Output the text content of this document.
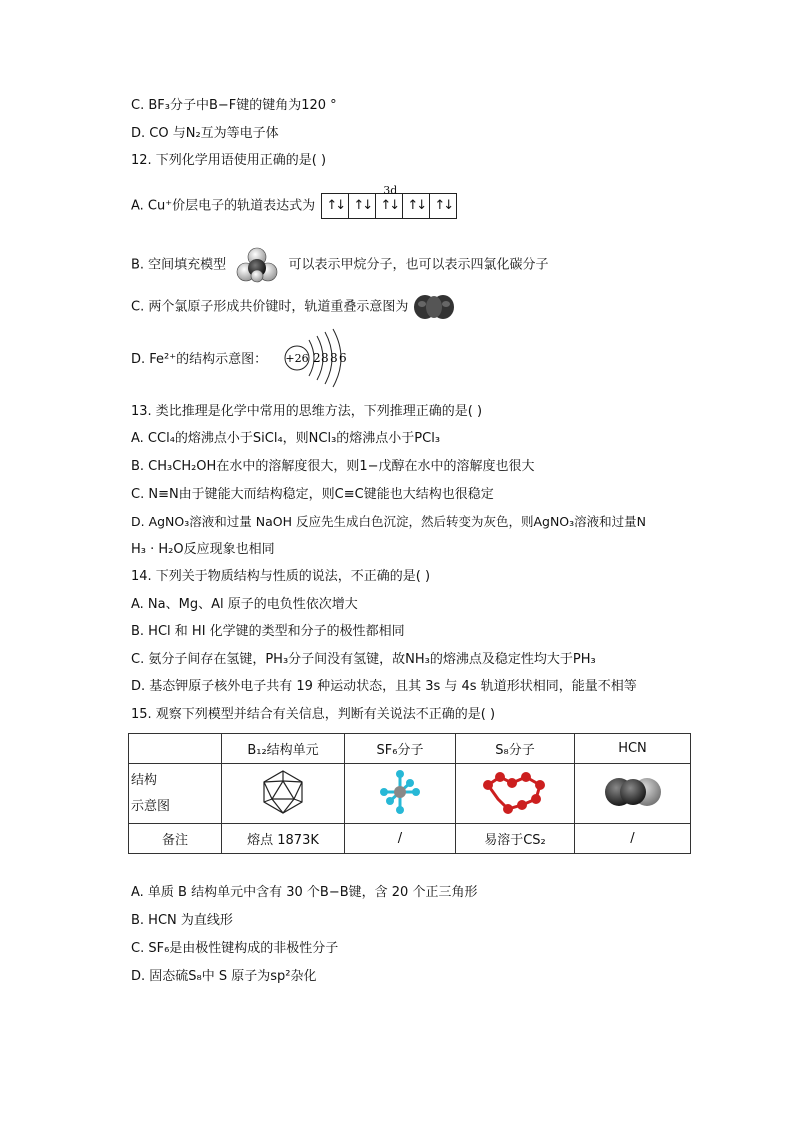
C. BF₃分子中B−F键的键角为120 °
D. CO 与N₂互为等电子体
12. 下列化学用语使用正确的是( )
A. Cu⁺价层电子的轨道表达式为
3d
↑↓ ↑↓ ↑↓ ↑↓ ↑↓
B. 空间填充模型	可以表示甲烷分子，也可以表示四氯化碳分子
C. 两个氯原子形成共价键时，轨道重叠示意图为
D. Fe²⁺的结构示意图： +26 2 8 8 6
13. 类比推理是化学中常用的思维方法，下列推理正确的是( )
A. CCl₄的熔沸点小于SiCl₄，则NCl₃的熔沸点小于PCl₃
B. CH₃CH₂OH在水中的溶解度很大，则1−戊醇在水中的溶解度也很大
C. N≡N由于键能大而结构稳定，则C≡C键能也大结构也很稳定
D. AgNO₃溶液和过量 NaOH 反应先生成白色沉淀，然后转变为灰色，则AgNO₃溶液和过量N
H₃ · H₂O反应现象也相同
14. 下列关于物质结构与性质的说法，不正确的是( )
A. Na、Mg、Al 原子的电负性依次增大
B. HCl 和 HI 化学键的类型和分子的极性都相同
C. 氨分子间存在氢键，PH₃分子间没有氢键，故NH₃的熔沸点及稳定性均大于PH₃
D. 基态钾原子核外电子共有 19 种运动状态，且其 3s 与 4s 轨道形状相同，能量不相等
15. 观察下列模型并结合有关信息，判断有关说法不正确的是( )
	B₁₂结构单元	SF₆分子	S₈分子	HCN

结构
示意图

备注	熔点 1873K	/	易溶于CS₂	/
A. 单质 B 结构单元中含有 30 个B−B键，含 20 个正三角形
B. HCN 为直线形
C. SF₆是由极性键构成的非极性分子
D. 固态硫S₈中 S 原子为sp²杂化
